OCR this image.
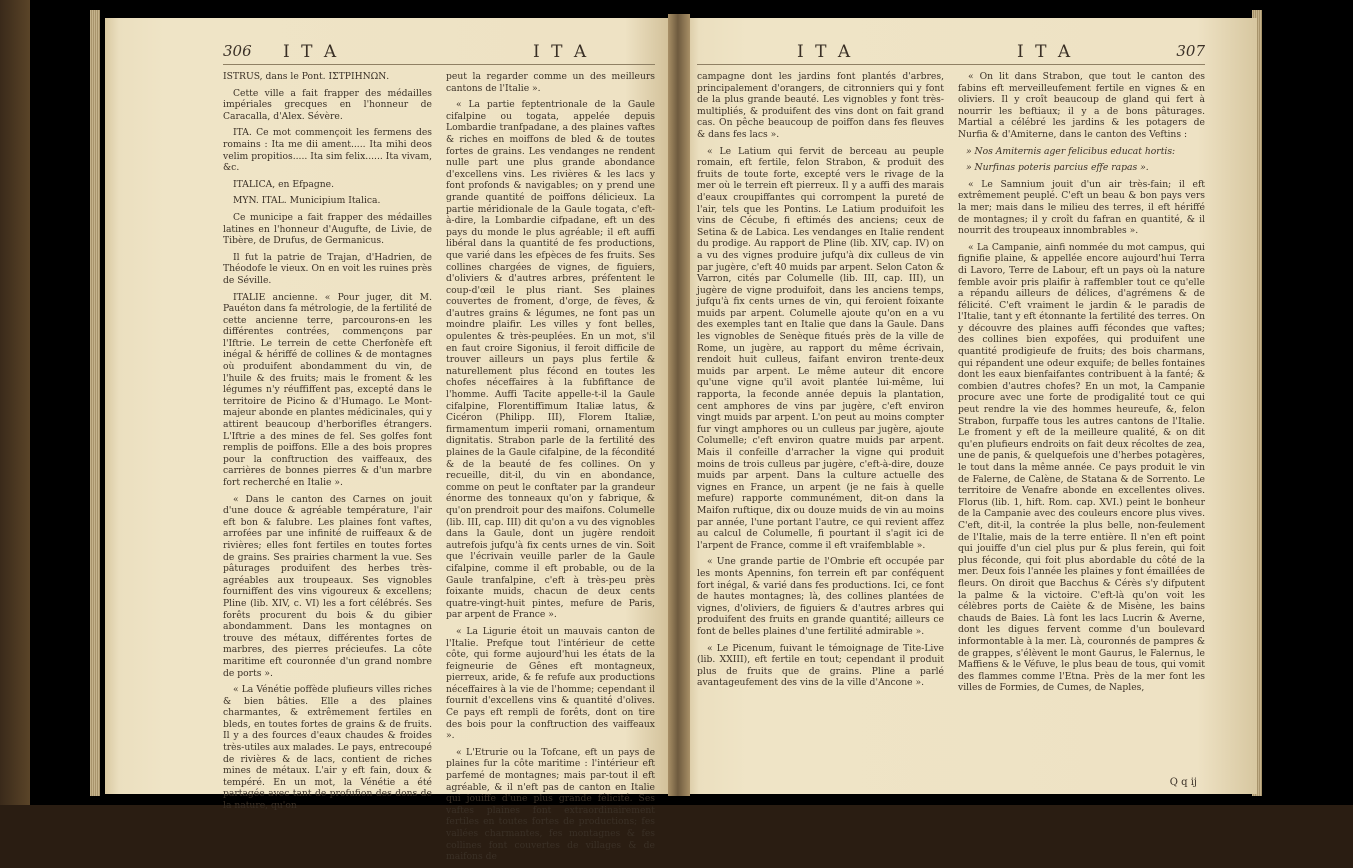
306 I T A	I T A

ISTRUS, dans le Pont. ΙΣΤΡΙΗΝΩΝ.

Cette ville a fait frapper des médailles impériales grecques en l'honneur de Caracalla, d'Alex. Sévère.

ITA. Ce mot commençoit les fermens des romains : Ita me dii ament..... Ita mihi deos velim propitios..... Ita sim felix...... Ita vivam, &c.

ITALICA, en Efpagne.

MYN. ITAL. Municipium Italica.

Ce municipe a fait frapper des médailles latines en l'honneur d'Augufte, de Livie, de Tibère, de Drufus, de Germanicus.

Il fut la patrie de Trajan, d'Hadrien, de Théodofe le vieux. On en voit les ruines près de Séville.

ITALIE ancienne. « Pour juger, dit M. Pauéton dans fa métrologie, de la fertilité de cette ancienne terre, parcourons-en les différentes contrées, commençons par l'Iftrie. Le terrein de cette Cherfonèfe eft inégal & hériffé de collines & de montagnes où produifent abondamment du vin, de l'huile & des fruits; mais le froment & les légumes n'y réuffiffent pas, excepté dans le territoire de Picino & d'Humago. Le Mont-majeur abonde en plantes médicinales, qui y attirent beaucoup d'herborifles étrangers. L'Iftrie a des mines de fel. Ses golfes font remplis de poiffons. Elle a des bois propres pour la conftruction des vaiffeaux, des carrières de bonnes pierres & d'un marbre fort recherché en Italie ».

« Dans le canton des Carnes on jouit d'une douce & agréable température, l'air eft bon & falubre. Les plaines font vaftes, arrofées par une infinité de ruiffeaux & de rivières; elles font fertiles en toutes fortes de grains. Ses prairies charment la vue. Ses pâturages produifent des herbes très-agréables aux troupeaux. Ses vignobles fourniffent des vins vigoureux & excellens; Pline (lib. XIV, c. VI) les a fort célébrés. Ses forêts procurent du bois & du gibier abondamment. Dans les montagnes on trouve des métaux, différentes fortes de marbres, des pierres précieufes. La côte maritime eft couronnée d'un grand nombre de ports ».

« La Vénétie poffède plufieurs villes riches & bien bâties. Elle a des plaines charmantes, & extrêmement fertiles en bleds, en toutes fortes de grains & de fruits. Il y a des fources d'eaux chaudes & froides très-utiles aux malades. Le pays, entrecoupé de rivières & de lacs, contient de riches mines de métaux. L'air y eft fain, doux & tempéré. En un mot, la Vénétie a été partagée avec tant de profufion des dons de la nature, qu'on

peut la regarder comme un des meilleurs cantons de l'Italie ».

« La partie feptentrionale de la Gaule cifalpine ou togata, appelée depuis Lombardie tranfpadane, a des plaines vaftes & riches en moiffons de bled & de toutes fortes de grains. Les vendanges ne rendent nulle part une plus grande abondance d'excellens vins. Les rivières & les lacs y font profonds & navigables; on y prend une grande quantité de poiffons délicieux. La partie méridionale de la Gaule togata, c'eft-à-dire, la Lombardie cifpadane, eft un des pays du monde le plus agréable; il eft auffi libéral dans la quantité de fes productions, que varié dans les efpèces de fes fruits. Ses collines chargées de vignes, de figuiers, d'oliviers & d'autres arbres, préfentent le coup-d'œil le plus riant. Ses plaines couvertes de froment, d'orge, de fèves, & d'autres grains & légumes, ne font pas un moindre plaifir. Les villes y font belles, opulentes & très-peuplées. En un mot, s'il en faut croire Sigonius, il feroit difficile de trouver ailleurs un pays plus fertile & naturellement plus fécond en toutes les chofes néceffaires à la fubfiftance de l'homme. Auffi Tacite appelle-t-il la Gaule cifalpine, Florentiffimum Italiæ latus, & Cicéron (Philipp. III), Florem Italiæ, firmamentum imperii romani, ornamentum dignitatis. Strabon parle de la fertilité des plaines de la Gaule cifalpine, de la fécondité & de la beauté de fes collines. On y recueille, dit-il, du vin en abondance, comme on peut le conftater par la grandeur énorme des tonneaux qu'on y fabrique, & qu'on prendroit pour des maifons. Columelle (lib. III, cap. III) dit qu'on a vu des vignobles dans la Gaule, dont un jugère rendoit autrefois jufqu'à fix cents urnes de vin. Soit que l'écrivain veuille parler de la Gaule cifalpine, comme il eft probable, ou de la Gaule tranfalpine, c'eft à très-peu près foixante muids, chacun de deux cents quatre-vingt-huit pintes, mefure de Paris, par arpent de France ».

« La Ligurie étoit un mauvais canton de l'Italie. Prefque tout l'intérieur de cette côte, qui forme aujourd'hui les états de la feigneurie de Gênes eft montagneux, pierreux, aride, & fe refufe aux productions néceffaires à la vie de l'homme; cependant il fournit d'excellens vins & quantité d'olives. Ce pays eft rempli de forêts, dont on tire des bois pour la conftruction des vaiffeaux ».

« L'Etrurie ou la Tofcane, eft un pays de plaines fur la côte maritime : l'intérieur eft parfemé de montagnes; mais par-tout il eft agréable, & il n'eft pas de canton en Italie qui jouiffe d'une plus grande félicité. Ses vaftes plaines font extraordinairement fertiles en toutes fortes de productions; fes vallées charmantes, fes montagnes & fes collines font couvertes de villages & de maifons de

I T A	I T A	307

campagne dont les jardins font plantés d'arbres, principalement d'orangers, de citronniers qui y font de la plus grande beauté. Les vignobles y font très-multipliés, & produifent des vins dont on fait grand cas. On pêche beaucoup de poiffon dans fes fleuves & dans fes lacs ».

« Le Latium qui fervit de berceau au peuple romain, eft fertile, felon Strabon, & produit des fruits de toute forte, excepté vers le rivage de la mer où le terrein eft pierreux. Il y a auffi des marais d'eaux croupiffantes qui corrompent la pureté de l'air, tels que les Pontins. Le Latium produifoit les vins de Cécube, fi eftimés des anciens; ceux de Setina & de Labica. Les vendanges en Italie rendent du prodige. Au rapport de Pline (lib. XIV, cap. IV) on a vu des vignes produire jufqu'à dix culleus de vin par jugère, c'eft 40 muids par arpent. Selon Caton & Varron, cités par Columelle (lib. III, cap. III), un jugère de vigne produifoit, dans les anciens temps, jufqu'à fix cents urnes de vin, qui feroient foixante muids par arpent. Columelle ajoute qu'on en a vu des exemples tant en Italie que dans la Gaule. Dans les vignobles de Senèque fitués près de la ville de Rome, un jugère, au rapport du même écrivain, rendoit huit culleus, faifant environ trente-deux muids par arpent. Le même auteur dit encore qu'une vigne qu'il avoit plantée lui-même, lui rapporta, la feconde année depuis la plantation, cent amphores de vins par jugère, c'eft environ vingt muids par arpent. L'on peut au moins compter fur vingt amphores ou un culleus par jugère, ajoute Columelle; c'eft environ quatre muids par arpent. Mais il confeille d'arracher la vigne qui produit moins de trois culleus par jugère, c'eft-à-dire, douze muids par arpent. Dans la culture actuelle des vignes en France, un arpent (je ne fais à quelle mefure) rapporte communément, dit-on dans la Maifon ruftique, dix ou douze muids de vin au moins par année, l'une portant l'autre, ce qui revient affez au calcul de Columelle, fi pourtant il s'agit ici de l'arpent de France, comme il eft vraifemblable ».

« Une grande partie de l'Ombrie eft occupée par les monts Apennins, fon terrein eft par conféquent fort inégal, & varié dans fes productions. Ici, ce font de hautes montagnes; là, des collines plantées de vignes, d'oliviers, de figuiers & d'autres arbres qui produifent des fruits en grande quantité; ailleurs ce font de belles plaines d'une fertilité admirable ».

« Le Picenum, fuivant le témoignage de Tite-Live (lib. XXIII), eft fertile en tout; cependant il produit plus de fruits que de grains. Pline a parlé avantageufement des vins de la ville d'Ancone ».

« On lit dans Strabon, que tout le canton des fabins eft merveilleufement fertile en vignes & en oliviers. Il y croît beaucoup de gland qui fert à nourrir les beftiaux; il y a de bons pâturages. Martial a célébré les jardins & les potagers de Nurfia & d'Amiterne, dans le canton des Veftins :

» Nos Amiternis ager felicibus educat hortis:

» Nurfinas poteris parcius effe rapas ».

« Le Samnium jouit d'un air très-fain; il eft extrêmement peuplé. C'eft un beau & bon pays vers la mer; mais dans le milieu des terres, il eft hériffé de montagnes; il y croît du fafran en quantité, & il nourrit des troupeaux innombrables ».

« La Campanie, ainfi nommée du mot campus, qui fignifie plaine, & appellée encore aujourd'hui Terra di Lavoro, Terre de Labour, eft un pays où la nature femble avoir pris plaifir à raffembler tout ce qu'elle a répandu ailleurs de délices, d'agrémens & de félicité. C'eft vraiment le jardin & le paradis de l'Italie, tant y eft étonnante la fertilité des terres. On y découvre des plaines auffi fécondes que vaftes; des collines bien expofées, qui produifent une quantité prodigieufe de fruits; des bois charmans, qui répandent une odeur exquife; de belles fontaines dont les eaux bienfaifantes contribuent à la fanté; & combien d'autres chofes? En un mot, la Campanie procure avec une forte de prodigalité tout ce qui peut rendre la vie des hommes heureufe, &, felon Strabon, furpaffe tous les autres cantons de l'Italie. Le froment y eft de la meilleure qualité, & on dit qu'en plufieurs endroits on fait deux récoltes de zea, une de panis, & quelquefois une d'herbes potagères, le tout dans la même année. Ce pays produit le vin de Falerne, de Calène, de Statana & de Sorrento. Le territoire de Venafre abonde en excellentes olives. Florus (lib. 1, hift. Rom. cap. XVI.) peint le bonheur de la Campanie avec des couleurs encore plus vives. C'eft, dit-il, la contrée la plus belle, non-feulement de l'Italie, mais de la terre entière. Il n'en eft point qui jouiffe d'un ciel plus pur & plus ferein, qui foit plus féconde, qui foit plus abordable du côté de la mer. Deux fois l'année les plaines y font émaillées de fleurs. On diroit que Bacchus & Cérès s'y difputent la palme & la victoire. C'eft-là qu'on voit les célèbres ports de Caiète & de Misène, les bains chauds de Baies. Là font les lacs Lucrin & Averne, dont les digues fervent comme d'un boulevard informontable à la mer. Là, couronnés de pampres & de grappes, s'élèvent le mont Gaurus, le Falernus, le Maffiens & le Véfuve, le plus beau de tous, qui vomit des flammes comme l'Etna. Près de la mer font les villes de Formies, de Cumes, de Naples,

Q q ij
